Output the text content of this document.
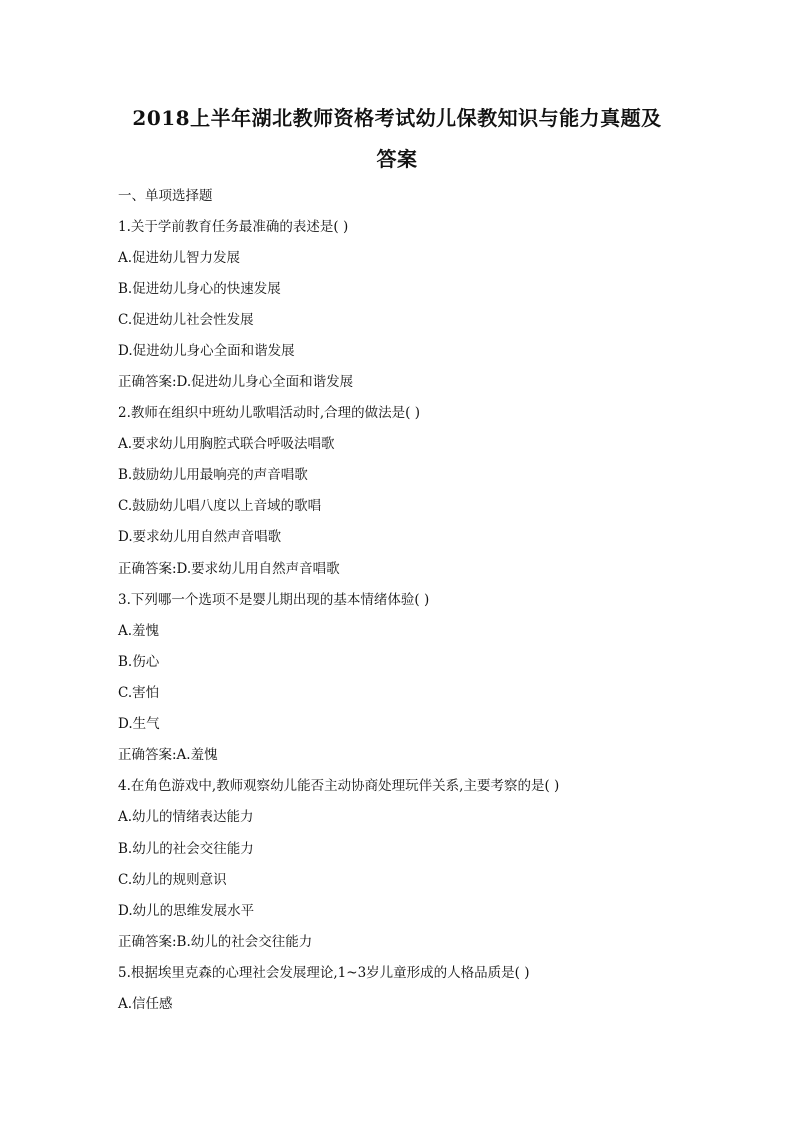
2018上半年湖北教师资格考试幼儿保教知识与能力真题及
答案
一、单项选择题
1.关于学前教育任务最准确的表述是( )
A.促进幼儿智力发展
B.促进幼儿身心的快速发展
C.促进幼儿社会性发展
D.促进幼儿身心全面和谐发展
正确答案:D.促进幼儿身心全面和谐发展
2.教师在组织中班幼儿歌唱活动时,合理的做法是( )
A.要求幼儿用胸腔式联合呼吸法唱歌
B.鼓励幼儿用最响亮的声音唱歌
C.鼓励幼儿唱八度以上音域的歌唱
D.要求幼儿用自然声音唱歌
正确答案:D.要求幼儿用自然声音唱歌
3.下列哪一个选项不是婴儿期出现的基本情绪体验( )
A.羞愧
B.伤心
C.害怕
D.生气
正确答案:A.羞愧
4.在角色游戏中,教师观察幼儿能否主动协商处理玩伴关系,主要考察的是( )
A.幼儿的情绪表达能力
B.幼儿的社会交往能力
C.幼儿的规则意识
D.幼儿的思维发展水平
正确答案:B.幼儿的社会交往能力
5.根据埃里克森的心理社会发展理论,1~3岁儿童形成的人格品质是( )
A.信任感
